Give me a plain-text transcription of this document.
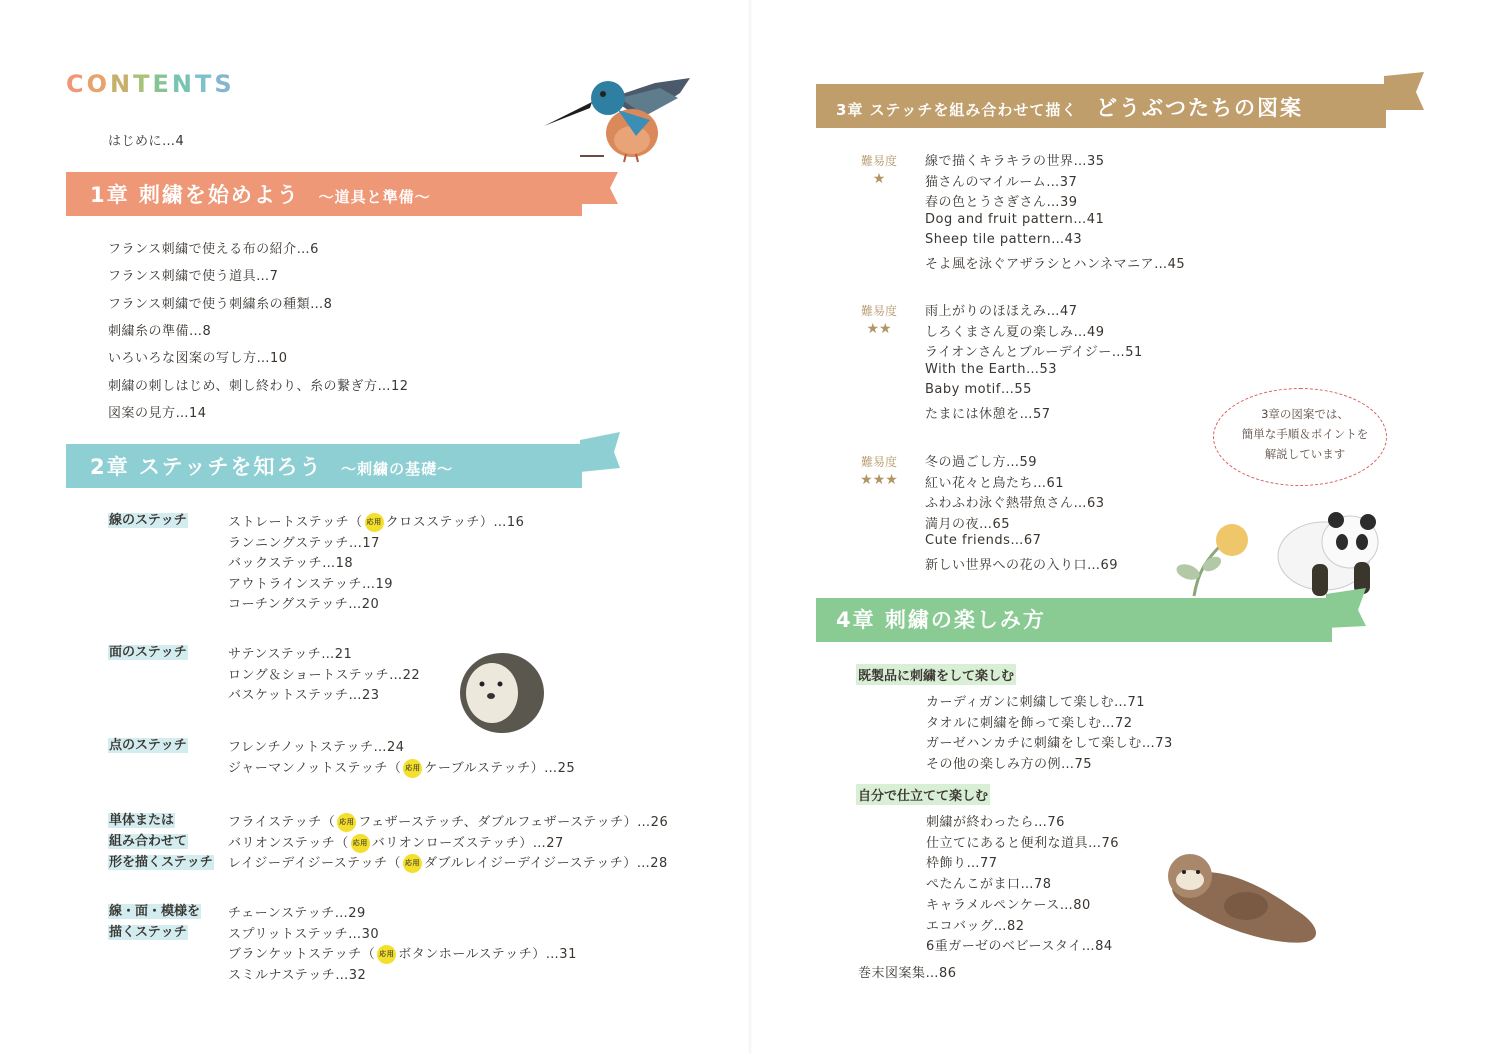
CONTENTS
はじめに…4
1章 刺繍を始めよう ～道具と準備～
フランス刺繍で使える布の紹介…6
フランス刺繍で使う道具…7
フランス刺繍で使う刺繍糸の種類…8
刺繍糸の準備…8
いろいろな図案の写し方…10
刺繍の刺しはじめ、刺し終わり、糸の繋ぎ方…12
図案の見方…14
2章 ステッチを知ろう ～刺繍の基礎～
線のステッチ	ストレートステッチ（ 応用 クロスステッチ）…16
ランニングステッチ…17
バックステッチ…18
アウトラインステッチ…19
コーチングステッチ…20
面のステッチ	サテンステッチ…21
ロング＆ショートステッチ…22
バスケットステッチ…23
点のステッチ	フレンチノットステッチ…24
ジャーマンノットステッチ（ 応用 ケーブルステッチ）…25
単体または
組み合わせて
形を描くステッチ
フライステッチ（ 応用 フェザーステッチ、ダブルフェザーステッチ）…26
バリオンステッチ（ 応用 バリオンローズステッチ）…27
レイジーデイジーステッチ（ 応用 ダブルレイジーデイジーステッチ）…28
線・面・模様を
描くステッチ
チェーンステッチ…29
スプリットステッチ…30
ブランケットステッチ（ 応用 ボタンホールステッチ）…31
スミルナステッチ…32
3章 ステッチを組み合わせて描く どうぶつたちの図案
難易度
★
線で描くキラキラの世界…35
猫さんのマイルーム…37
春の色とうさぎさん…39
Dog and fruit pattern…41
Sheep tile pattern…43
そよ風を泳ぐアザラシとハンネマニア…45
難易度
★★
雨上がりのほほえみ…47
しろくまさん夏の楽しみ…49
ライオンさんとブルーデイジー…51
With the Earth…53
Baby motif…55
たまには休憩を…57
難易度
★★★
冬の過ごし方…59
紅い花々と鳥たち…61
ふわふわ泳ぐ熱帯魚さん…63
満月の夜…65
Cute friends…67
新しい世界への花の入り口…69
3章の図案では、
簡単な手順＆ポイントを
解説しています
4章 刺繍の楽しみ方
既製品に刺繍をして楽しむ
カーディガンに刺繍して楽しむ…71
タオルに刺繍を飾って楽しむ…72
ガーゼハンカチに刺繍をして楽しむ…73
その他の楽しみ方の例…75
自分で仕立てて楽しむ
刺繍が終わったら…76
仕立てにあると便利な道具…76
枠飾り…77
ぺたんこがま口…78
キャラメルペンケース…80
エコバッグ…82
6重ガーゼのベビースタイ…84
巻末図案集…86
